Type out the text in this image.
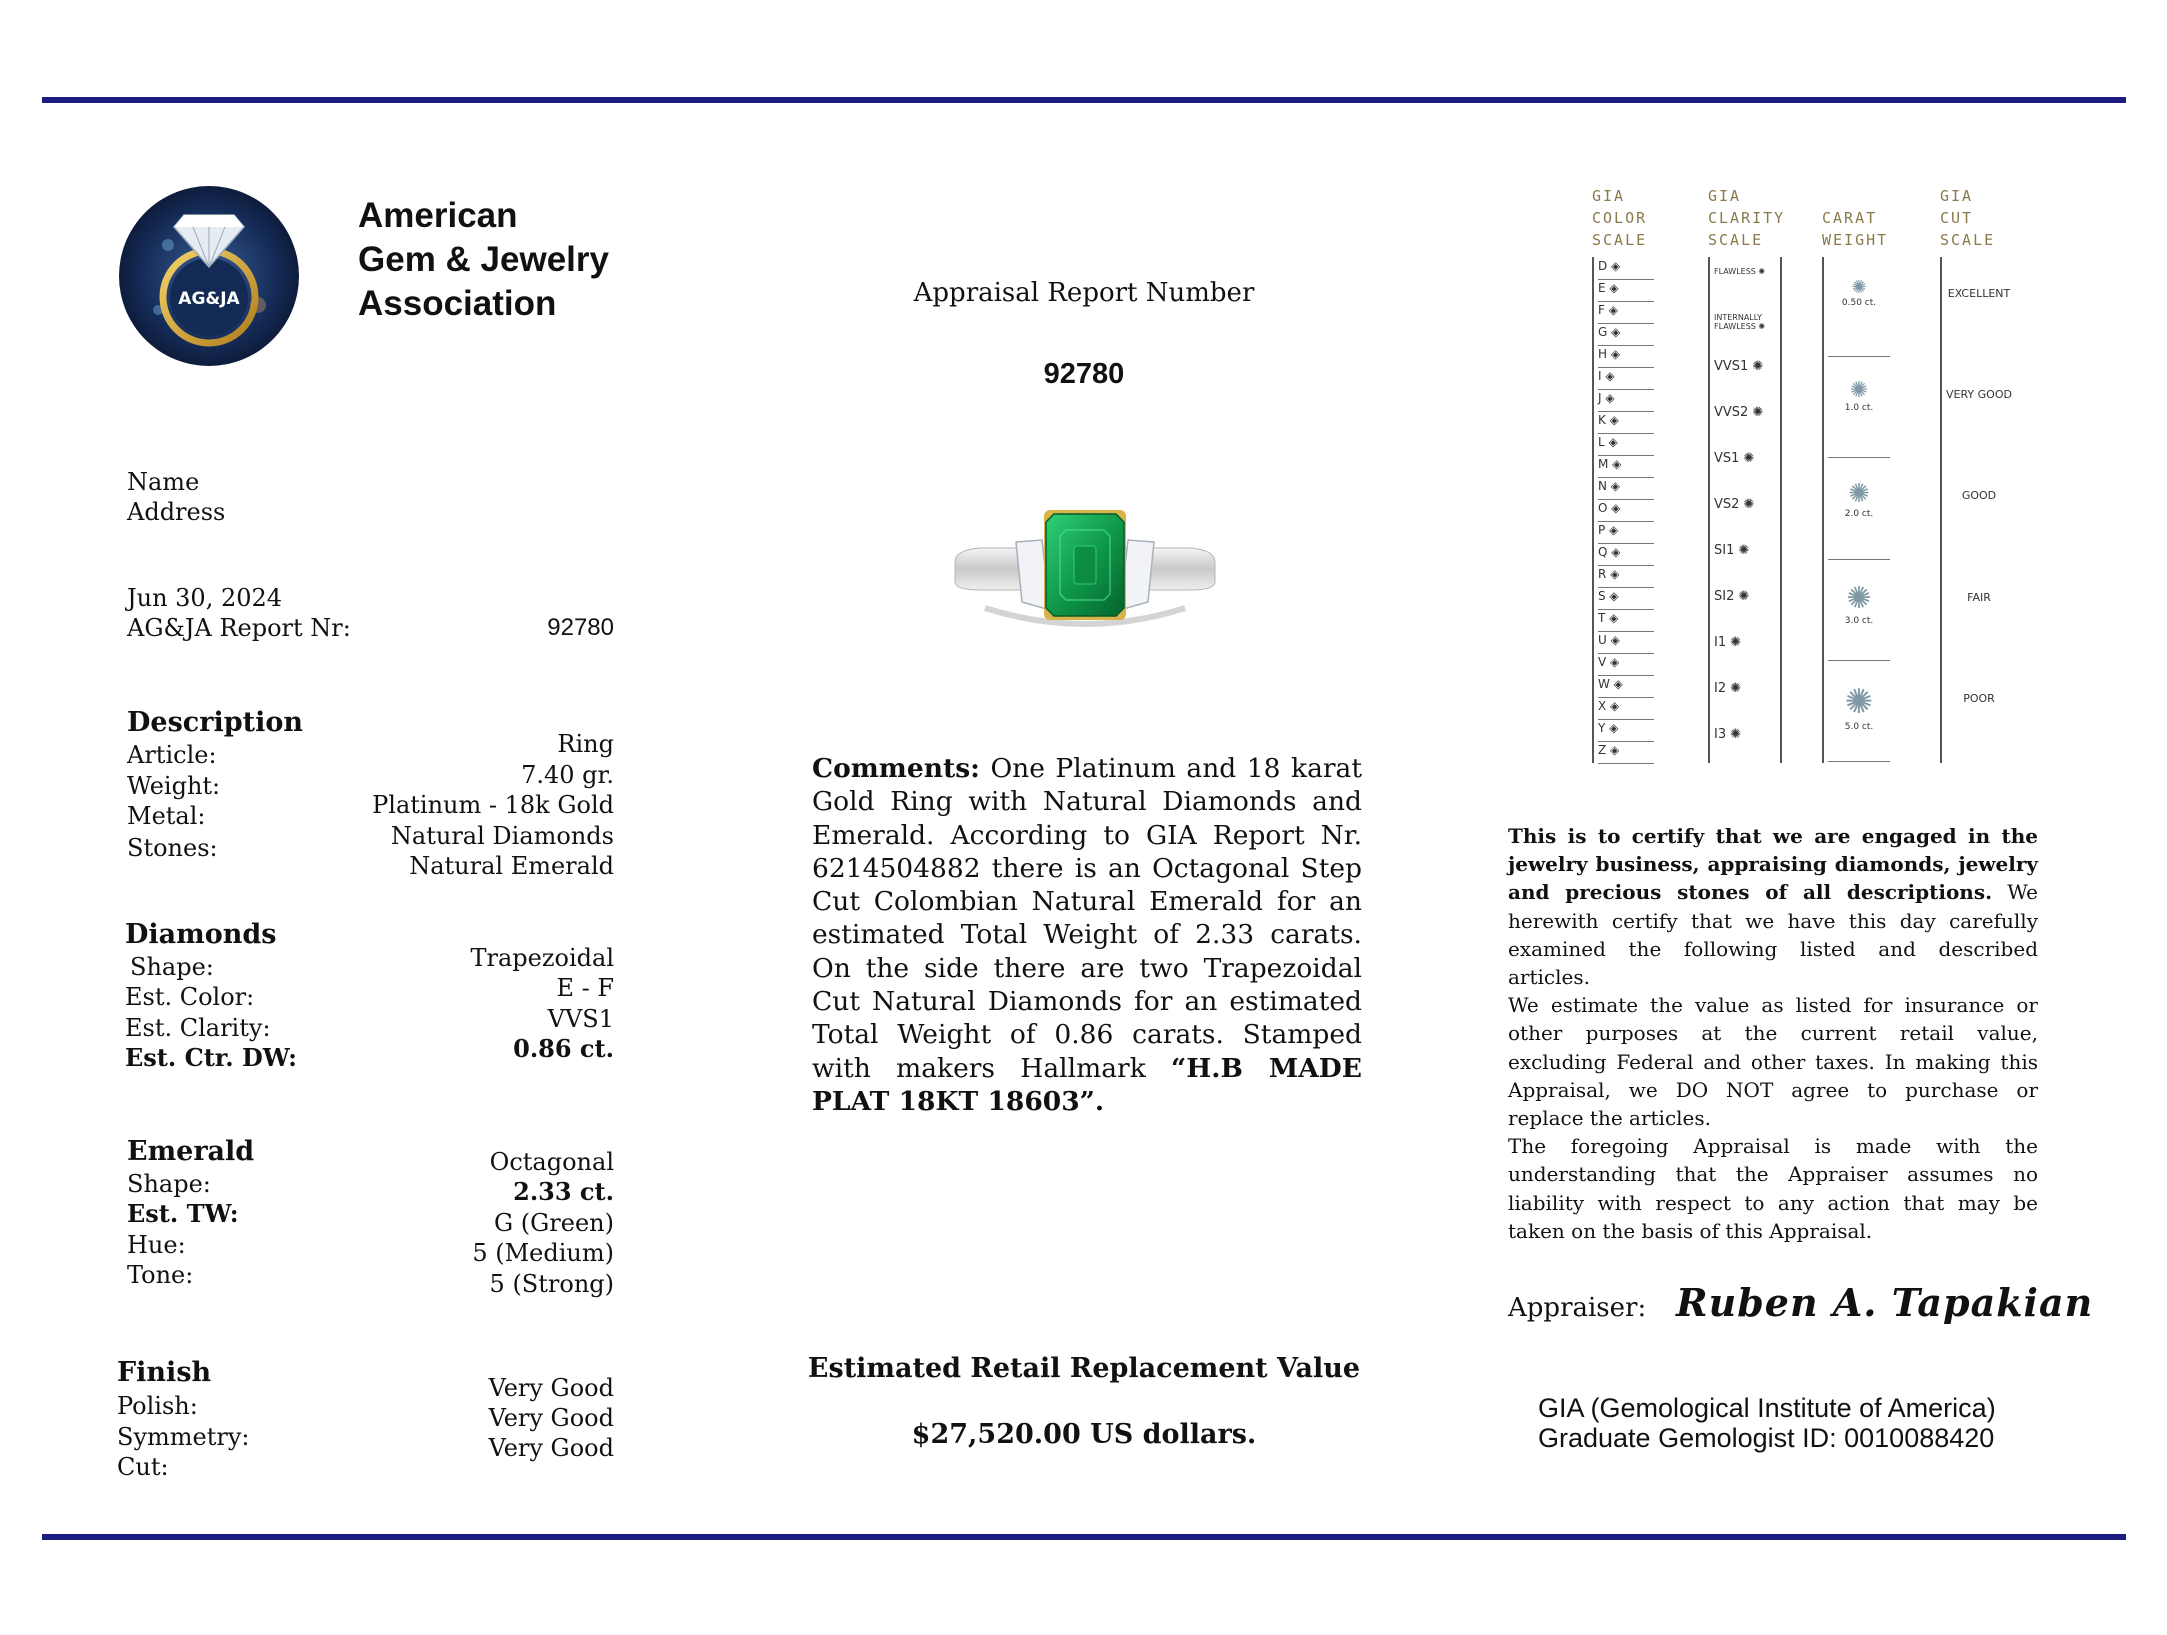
AG&JA
American
Gem & Jewelry
Association
Name
Address
Jun 30, 2024
AG&JA Report Nr:	92780
Description
Article:
Weight:
Metal:
Stones:
Ring
7.40 gr.
Platinum - 18k Gold
Natural Diamonds
Natural Emerald
Diamonds
Shape:
Est. Color:
Est. Clarity:
Est. Ctr. DW:
Trapezoidal
E - F
VVS1
0.86 ct.
Emerald
Shape:
Est. TW:
Hue:
Tone:
Octagonal
2.33 ct.
G (Green)
5 (Medium)
5 (Strong)
Finish
Polish:
Symmetry:
Cut:
Very Good
Very Good
Very Good
Appraisal Report Number
92780
Comments: One Platinum and 18 karat Gold Ring with Natural Diamonds and Emerald. According to GIA Report Nr. 6214504882 there is an Octagonal Step Cut Colombian Natural Emerald for an estimated Total Weight of 2.33 carats. On the side there are two Trapezoidal Cut Natural Diamonds for an estimated Total Weight of 0.86 carats. Stamped with makers Hallmark “H.B MADE PLAT 18KT 18603”.
Estimated Retail Replacement Value
$27,520.00 US dollars.
GIA
COLOR
SCALE
GIA
CLARITY
SCALE
CARAT
WEIGHT
GIA
CUT
SCALE
D ◈
E ◈
F ◈
G ◈
H ◈
I ◈
J ◈
K ◈
L ◈
M ◈
N ◈
O ◈
P ◈
Q ◈
R ◈
S ◈
T ◈
U ◈
V ◈
W ◈
X ◈
Y ◈
Z ◈
FLAWLESS ✺
INTERNALLY FLAWLESS ✺
VVS1 ✺
VVS2 ✺
VS1 ✺
VS2 ✺
SI1 ✺
SI2 ✺
I1 ✺
I2 ✺
I3 ✺
✺
0.50 ct.
✺
1.0 ct.
✺
2.0 ct.
✺
3.0 ct.
✺
5.0 ct.
EXCELLENT
VERY GOOD
GOOD
FAIR
POOR
This is to certify that we are engaged in the jewelry business, appraising diamonds, jewelry and precious stones of all descriptions. We herewith certify that we have this day carefully examined the following listed and described articles.
We estimate the value as listed for insurance or other purposes at the current retail value, excluding Federal and other taxes. In making this Appraisal, we DO NOT agree to purchase or replace the articles.
The foregoing Appraisal is made with the understanding that the Appraiser assumes no liability with respect to any action that may be taken on the basis of this Appraisal.
Appraiser: Ruben A. Tapakian
GIA (Gemological Institute of America)
Graduate Gemologist ID: 0010088420
